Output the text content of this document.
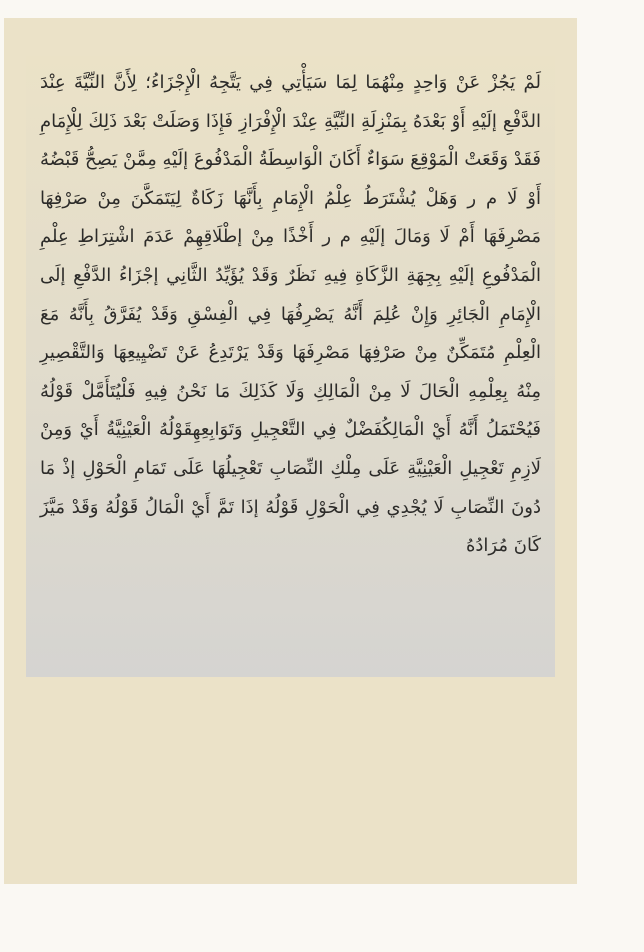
لَمْ يَجُزْ عَنْ وَاحِدٍ مِنْهُمَا لِمَا سَيَأْتِي فِي يَتَّجِهُ الْإِجْزَاءُ؛ لِأَنَّ النِّيَّةَ عِنْدَ الدَّفْعِ إلَيْهِ أَوْ بَعْدَهُ بِمَنْزِلَةِ النِّيَّةِ عِنْدَ الْإِفْرَازِ فَإِذَا وَصَلَتْ بَعْدَ ذَلِكَ لِلْإِمَامِ فَقَدْ وَقَعَتْ الْمَوْقِعَ سَوَاءٌ أَكَانَ الْوَاسِطَةُ الْمَدْفُوعَ إلَيْهِ مِمَّنْ يَصِحُّ قَبْضُهُ أَوْ لَا م ر وَهَلْ يُشْتَرَطُ عِلْمُ الْإِمَامِ بِأَنَّهَا زَكَاةٌ لِيَتَمَكَّنَ مِنْ صَرْفِهَا مَصْرِفَهَا أَمْ لَا وَمَالَ إلَيْهِ م ر أَخْذًا مِنْ إطْلَاقِهِمْ عَدَمَ اشْتِرَاطِ عِلْمِ الْمَدْفُوعِ إلَيْهِ بِجِهَةِ الزَّكَاةِ فِيهِ نَظَرٌ وَقَدْ يُؤَيِّدُ الثَّانِي إجْزَاءُ الدَّفْعِ إلَى الْإِمَامِ الْجَائِرِ وَإِنْ عُلِمَ أَنَّهُ يَصْرِفُهَا فِي الْفِسْقِ وَقَدْ يُفَرَّقُ بِأَنَّهُ مَعَ الْعِلْمِ مُتَمَكِّنٌ مِنْ صَرْفِهَا مَصْرِفَهَا وَقَدْ يَرْتَدِعُ عَنْ تَضْيِيعِهَا وَالتَّقْصِيرِ مِنْهُ بِعِلْمِهِ الْحَالَ لَا مِنْ الْمَالِكِ وَلَا كَذَلِكَ مَا نَحْنُ فِيهِ فَلْيُتَأَمَّلْ قَوْلُهُ فَيُحْتَمَلُ أَنَّهُ أَيْ الْمَالِكُفَضْلٌ فِي التَّعْجِيلِ وَتَوَابِعِهِقَوْلُهُ الْعَيْنِيَّةُ أَيْ وَمِنْ لَازِمِ تَعْجِيلِ الْعَيْنِيَّةِ عَلَى مِلْكِ النِّصَابِ تَعْجِيلُهَا عَلَى تَمَامِ الْحَوْلِ إذْ مَا دُونَ النِّصَابِ لَا يُجْدِي فِي الْحَوْلِ قَوْلُهُ إذَا تَمَّ أَيْ الْمَالُ قَوْلُهُ وَقَدْ مَيَّزَ كَانَ مُرَادُهُ
